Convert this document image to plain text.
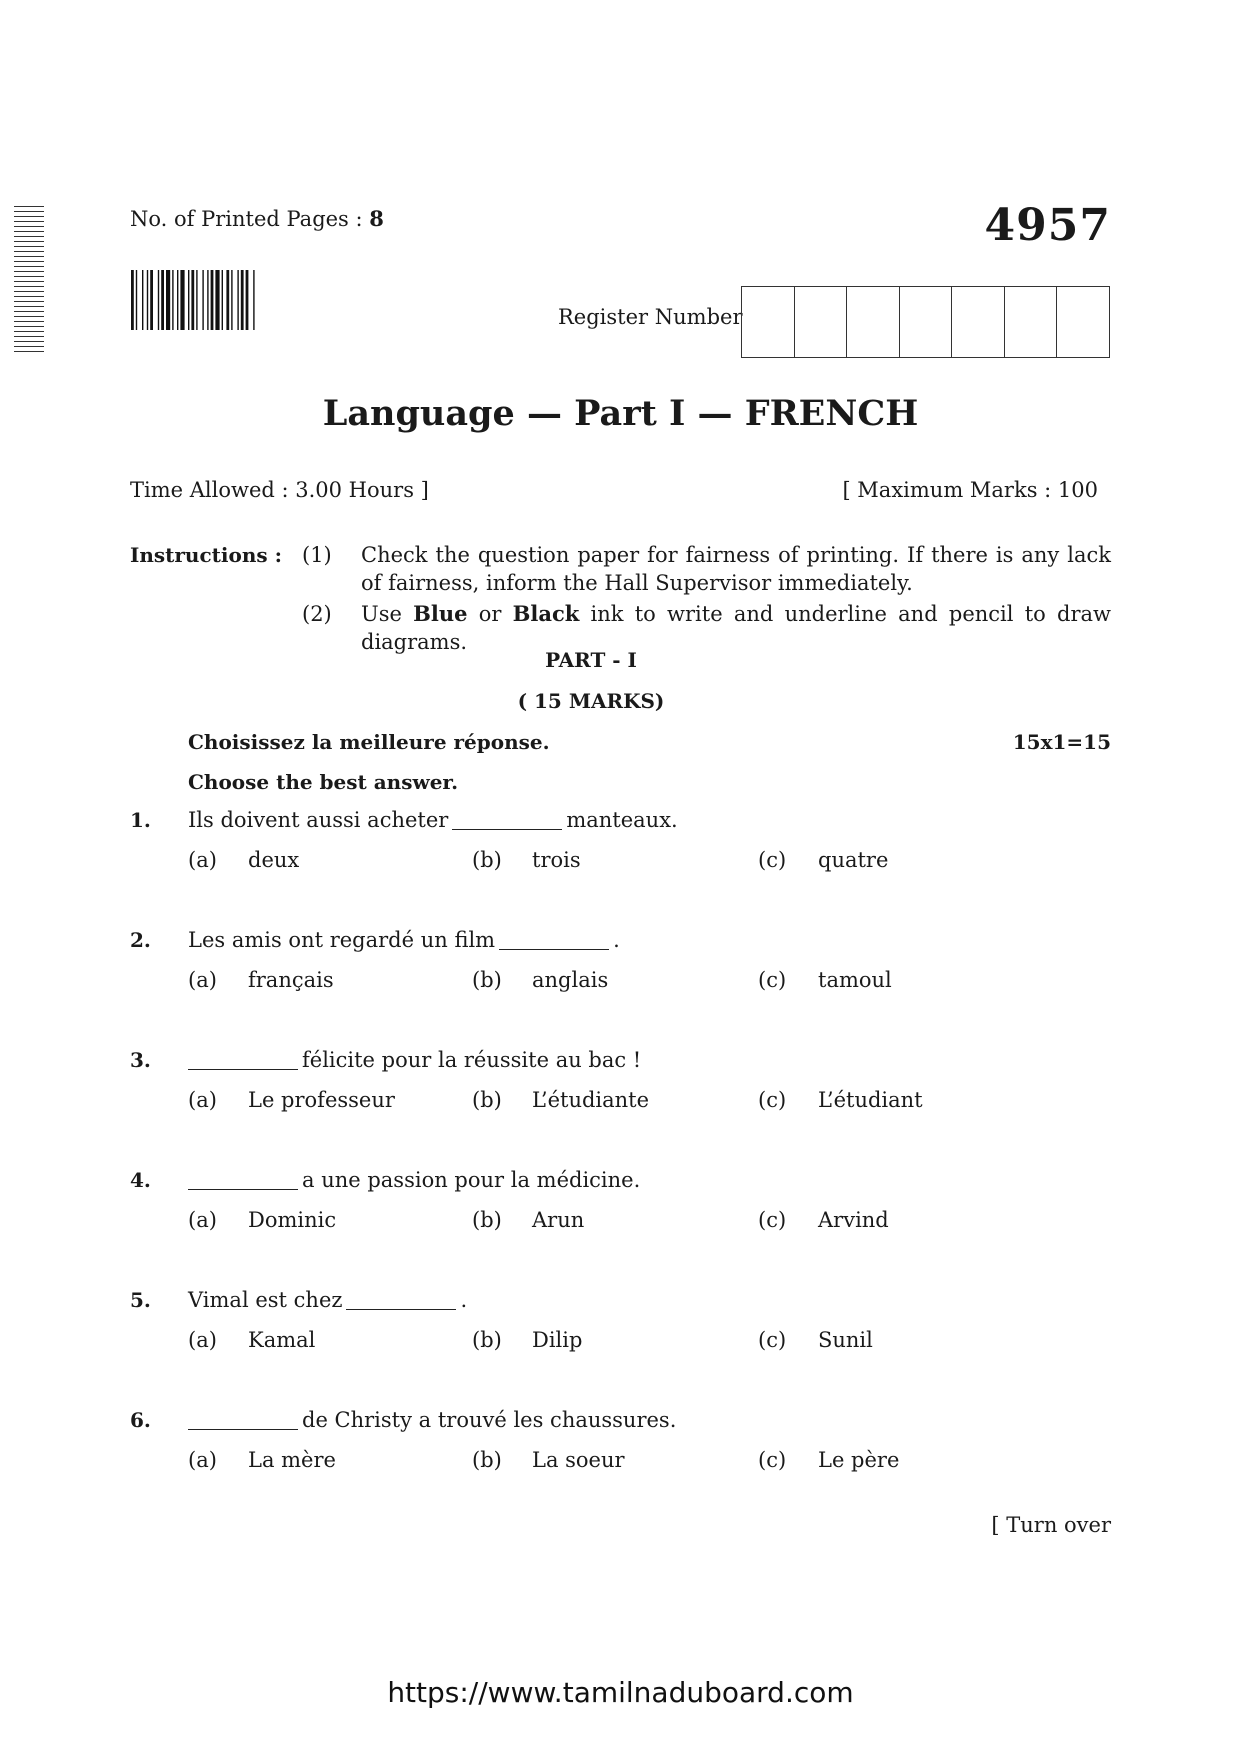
No. of Printed Pages : 8	4957
Register Number
Language — Part I — FRENCH
Time Allowed : 3.00 Hours ]	[ Maximum Marks : 100
Instructions : (1) Check the question paper for fairness of printing. If there is any lack of fairness, inform the Hall Supervisor immediately.
(2) Use Blue or Black ink to write and underline and pencil to draw diagrams.
PART - I
( 15 MARKS)
Choisissez la meilleure réponse.	15x1=15
Choose the best answer.
1. Ils doivent aussi acheter	manteaux.
(a) deux	(b) trois	(c) quatre
2. Les amis ont regardé un film	.
(a) français	(b) anglais	(c) tamoul
3.	félicite pour la réussite au bac !
(a) Le professeur	(b) L’étudiante	(c) L’étudiant
4.	a une passion pour la médicine.
(a) Dominic	(b) Arun	(c) Arvind
5. Vimal est chez	.
(a) Kamal	(b) Dilip	(c) Sunil
6.	de Christy a trouvé les chaussures.
(a) La mère	(b) La soeur	(c) Le père
[ Turn over
https://www.tamilnaduboard.com
